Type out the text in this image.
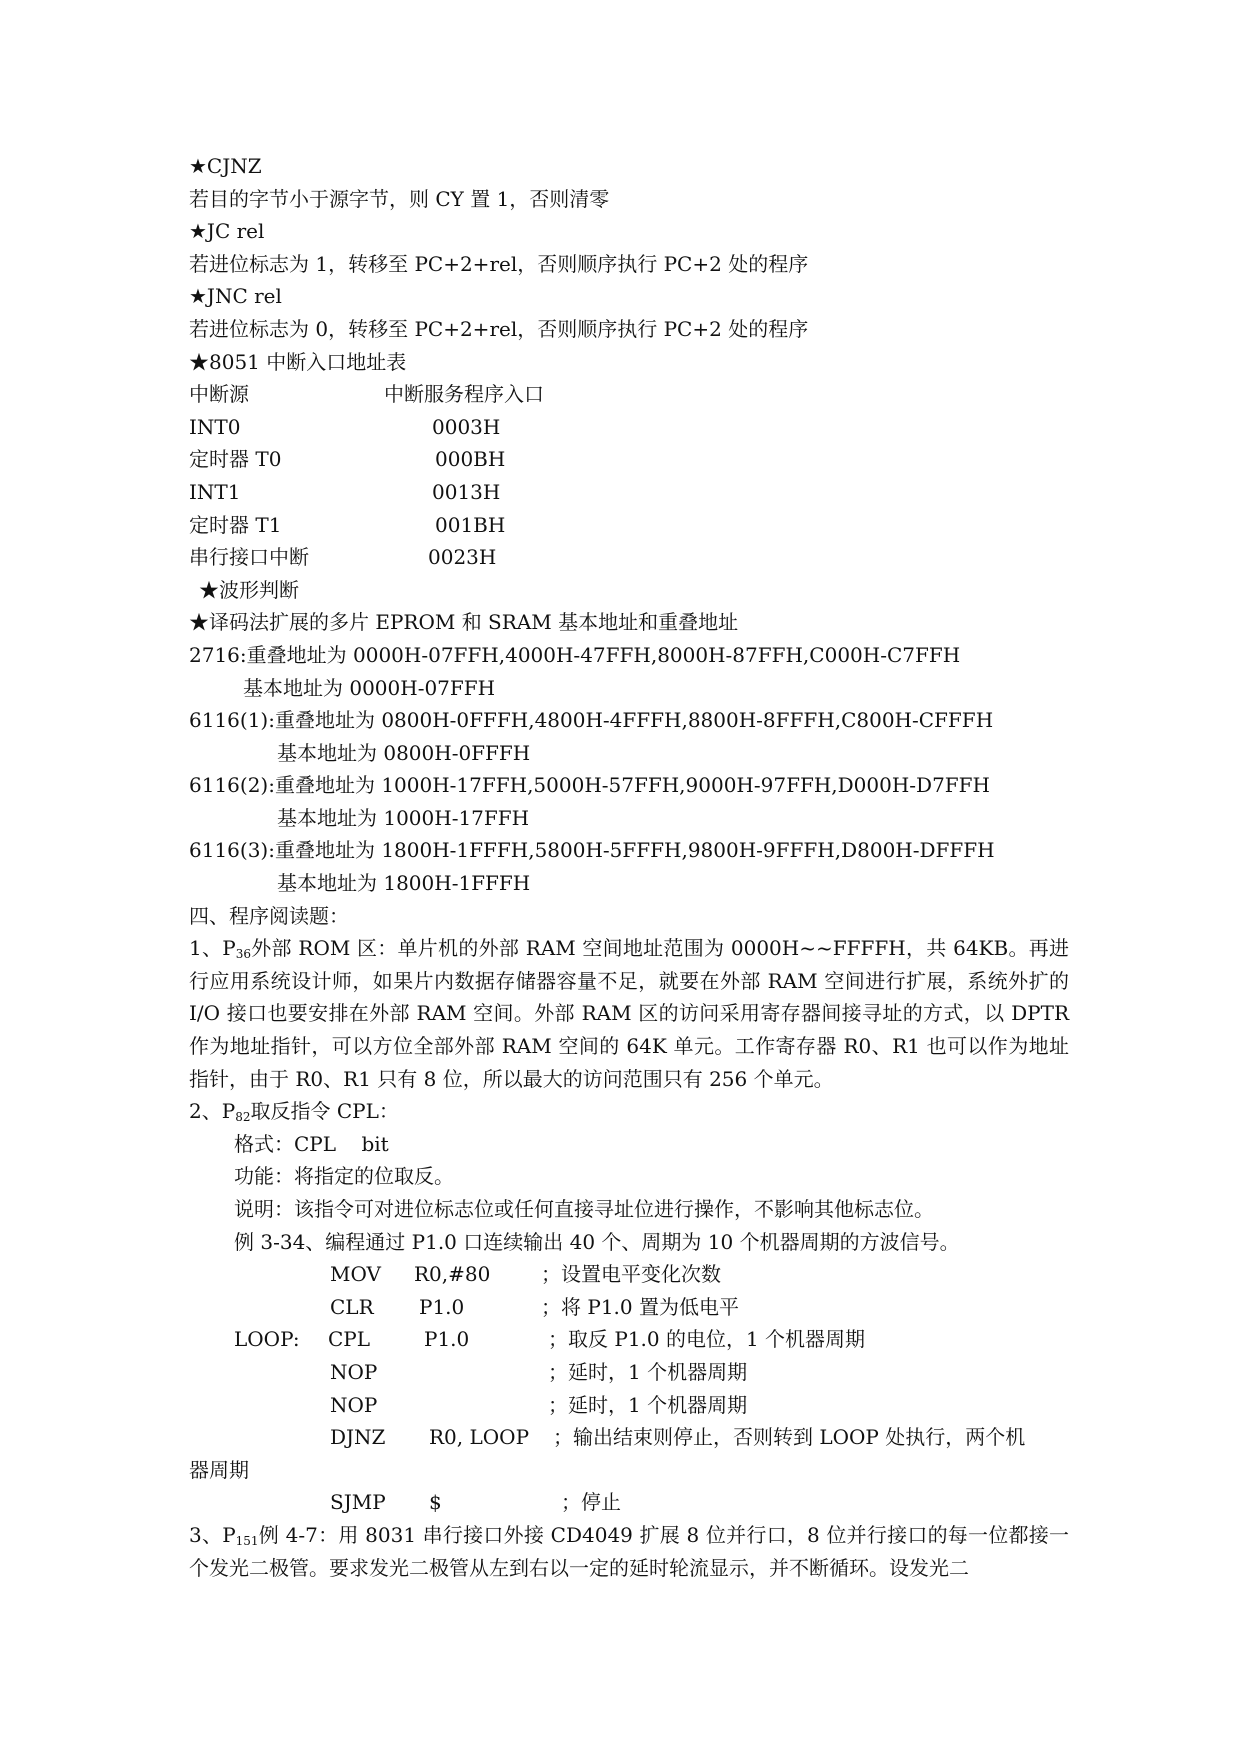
★CJNZ
若目的字节小于源字节，则 CY 置 1，否则清零
★JC rel
若进位标志为 1，转移至 PC+2+rel，否则顺序执行 PC+2 处的程序
★JNC rel
若进位标志为 0，转移至 PC+2+rel，否则顺序执行 PC+2 处的程序
★8051 中断入口地址表
中断源	中断服务程序入口
INT0	0003H
定时器 T0	000BH
INT1	0013H
定时器 T1	001BH
串行接口中断	0023H
★波形判断
★译码法扩展的多片 EPROM 和 SRAM 基本地址和重叠地址
2716:重叠地址为 0000H-07FFH,4000H-47FFH,8000H-87FFH,C000H-C7FFH
基本地址为 0000H-07FFH
6116(1):重叠地址为 0800H-0FFFH,4800H-4FFFH,8800H-8FFFH,C800H-CFFFH
基本地址为 0800H-0FFFH
6116(2):重叠地址为 1000H-17FFH,5000H-57FFH,9000H-97FFH,D000H-D7FFH
基本地址为 1000H-17FFH
6116(3):重叠地址为 1800H-1FFFH,5800H-5FFFH,9800H-9FFFH,D800H-DFFFH
基本地址为 1800H-1FFFH
四、程序阅读题：
1、$P_{36}$外部 ROM 区：单片机的外部 RAM 空间地址范围为 0000H~~FFFFH，共 64KB。再进行应用系统设计师，如果片内数据存储器容量不足，就要在外部 RAM 空间进行扩展，系统外扩的 I/O 接口也要安排在外部 RAM 空间。外部 RAM 区的访问采用寄存器间接寻址的方式，以 DPTR 作为地址指针，可以方位全部外部 RAM 空间的 64K 单元。工作寄存器 R0、R1 也可以作为地址指针，由于 R0、R1 只有 8 位，所以最大的访问范围只有 256 个单元。
2、$P_{82}$取反指令 CPL：
格式：CPL    bit
功能：将指定的位取反。
说明：该指令可对进位标志位或任何直接寻址位进行操作，不影响其他标志位。
例 3-34、编程通过 P1.0 口连续输出 40 个、周期为 10 个机器周期的方波信号。
MOV R0,#80	；设置电平变化次数
CLR P1.0	；将 P1.0 置为低电平
LOOP: CPL	P1.0	；取反 P1.0 的电位，1 个机器周期
NOP	；延时，1 个机器周期
NOP	；延时，1 个机器周期
DJNZ R0, LOOP ；输出结束则停止，否则转到 LOOP 处执行，两个机
器周期
SJMP $	；停止
3、$P_{151}$例 4-7：用 8031 串行接口外接 CD4049 扩展 8 位并行口，8 位并行接口的每一位都接一个发光二极管。要求发光二极管从左到右以一定的延时轮流显示，并不断循环。设发光二
